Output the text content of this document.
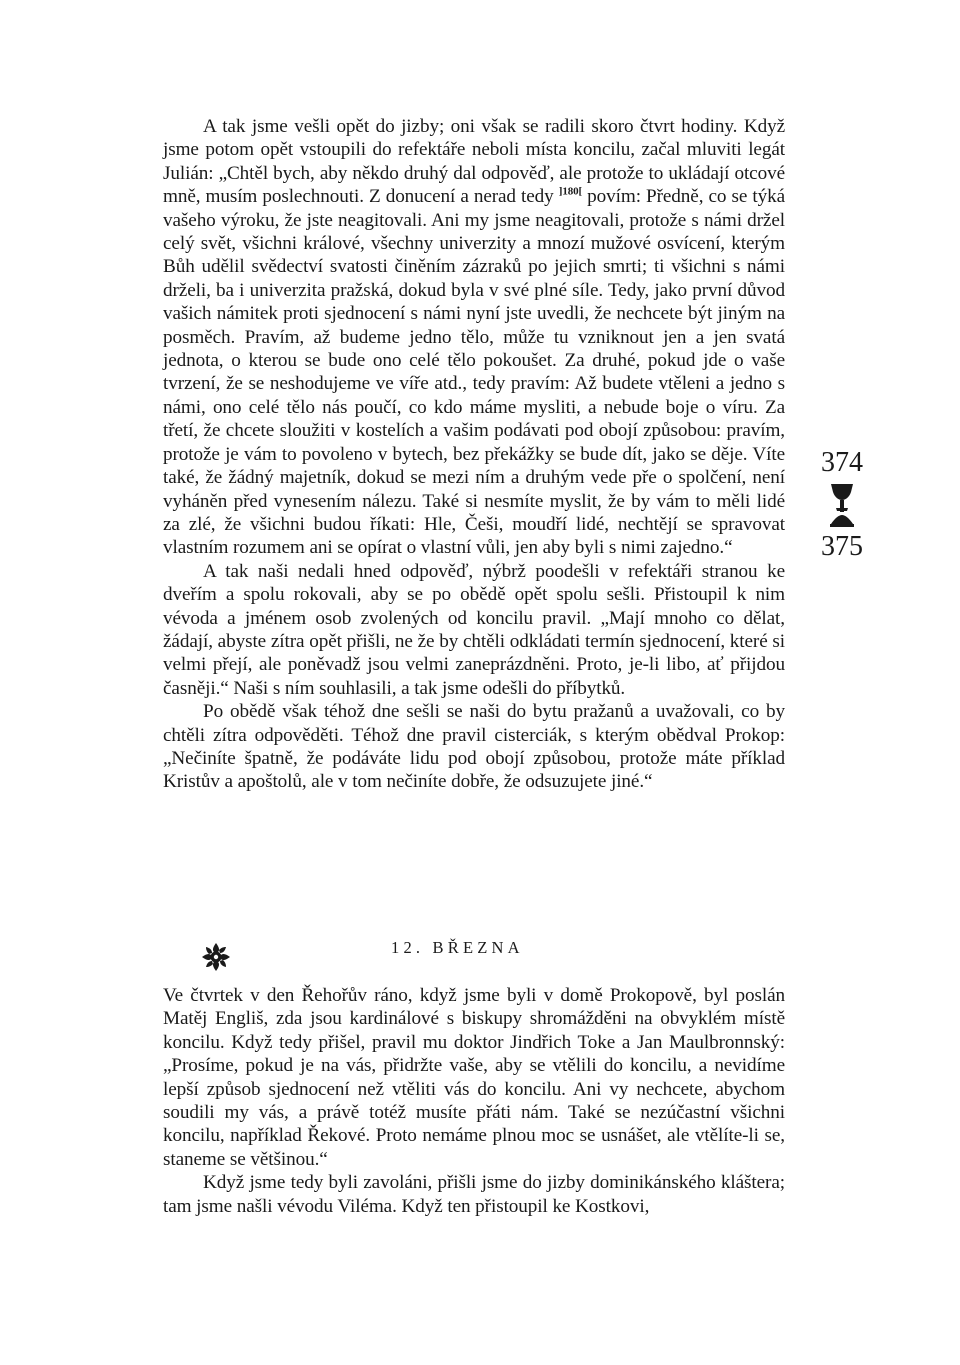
A tak jsme vešli opět do jizby; oni však se radili skoro čtvrt hodiny. Když jsme potom opět vstoupili do refektáře neboli místa koncilu, začal mluviti legát Julián: „Chtěl bych, aby někdo druhý dal odpověď, ale protože to ukládají otcové mně, musím poslechnouti. Z donucení a nerad tedy $^{]180[}$ povím: Předně, co se týká vašeho výroku, že jste neagitovali. Ani my jsme neagitovali, protože s námi držel celý svět, všichni králové, všechny univerzity a mnozí mužové osvícení, kterým Bůh udělil svědectví svatosti činěním zázraků po jejich smrti; ti všichni s námi drželi, ba i univerzita pražská, dokud byla v své plné síle. Tedy, jako první důvod vašich námitek proti sjednocení s námi nyní jste uvedli, že nechcete být jiným na posměch. Pravím, až budeme jedno tělo, může tu vzniknout jen a jen svatá jednota, o kterou se bude ono celé tělo pokoušet. Za druhé, pokud jde o vaše tvrzení, že se neshodujeme ve víře atd., tedy pravím: Až budete vtěleni a jedno s námi, ono celé tělo nás poučí, co kdo máme mysliti, a nebude boje o víru. Za třetí, že chcete sloužiti v kostelích a vašim podávati pod obojí způsobou: pravím, protože je vám to povoleno v bytech, bez překážky se bude dít, jako se děje. Víte také, že žádný majetník, dokud se mezi ním a druhým vede pře o spolčení, není vyháněn před vynesením nálezu. Také si nesmíte myslit, že by vám to měli lidé za zlé, že všichni budou říkati: Hle, Češi, moudří lidé, nechtějí se spravovat vlastním rozumem ani se opírat o vlastní vůli, jen aby byli s nimi zajedno.“

A tak naši nedali hned odpověď, nýbrž poodešli v refektáři stranou ke dveřím a spolu rokovali, aby se po obědě opět spolu sešli. Přistoupil k nim vévoda a jménem osob zvolených od koncilu pravil. „Mají mnoho co dělat, žádají, abyste zítra opět přišli, ne že by chtěli odkládati termín sjednocení, které si velmi přejí, ale poněvadž jsou velmi zaneprázdněni. Proto, je-li libo, ať přijdou časněji.“ Naši s ním souhlasili, a tak jsme odešli do příbytků.

Po obědě však téhož dne sešli se naši do bytu pražanů a uvažovali, co by chtěli zítra odpověděti. Téhož dne pravil cisterciák, s kterým obědval Prokop: „Nečiníte špatně, že podáváte lidu pod obojí způsobou, protože máte příklad Kristův a apoštolů, ale v tom nečiníte dobře, že odsuzujete jiné.“

12. BŘEZNA

Ve čtvrtek v den Řehořův ráno, když jsme byli v domě Prokopově, byl poslán Matěj Engliš, zda jsou kardinálové s biskupy shromážděni na obvyklém místě koncilu. Když tedy přišel, pravil mu doktor Jindřich Toke a Jan Maulbronnský: „Prosíme, pokud je na vás, přidržte vaše, aby se vtělili do koncilu, a nevidíme lepší způsob sjednocení než vtěliti vás do koncilu. Ani vy nechcete, abychom soudili my vás, a právě totéž musíte přáti nám. Také se nezúčastní všichni koncilu, například Řekové. Proto nemáme plnou moc se usnášet, ale vtělíte-li se, staneme se většinou.“

Když jsme tedy byli zavoláni, přišli jsme do jizby dominikánského kláštera; tam jsme našli vévodu Viléma. Když ten přistoupil ke Kostkovi,

374
375
